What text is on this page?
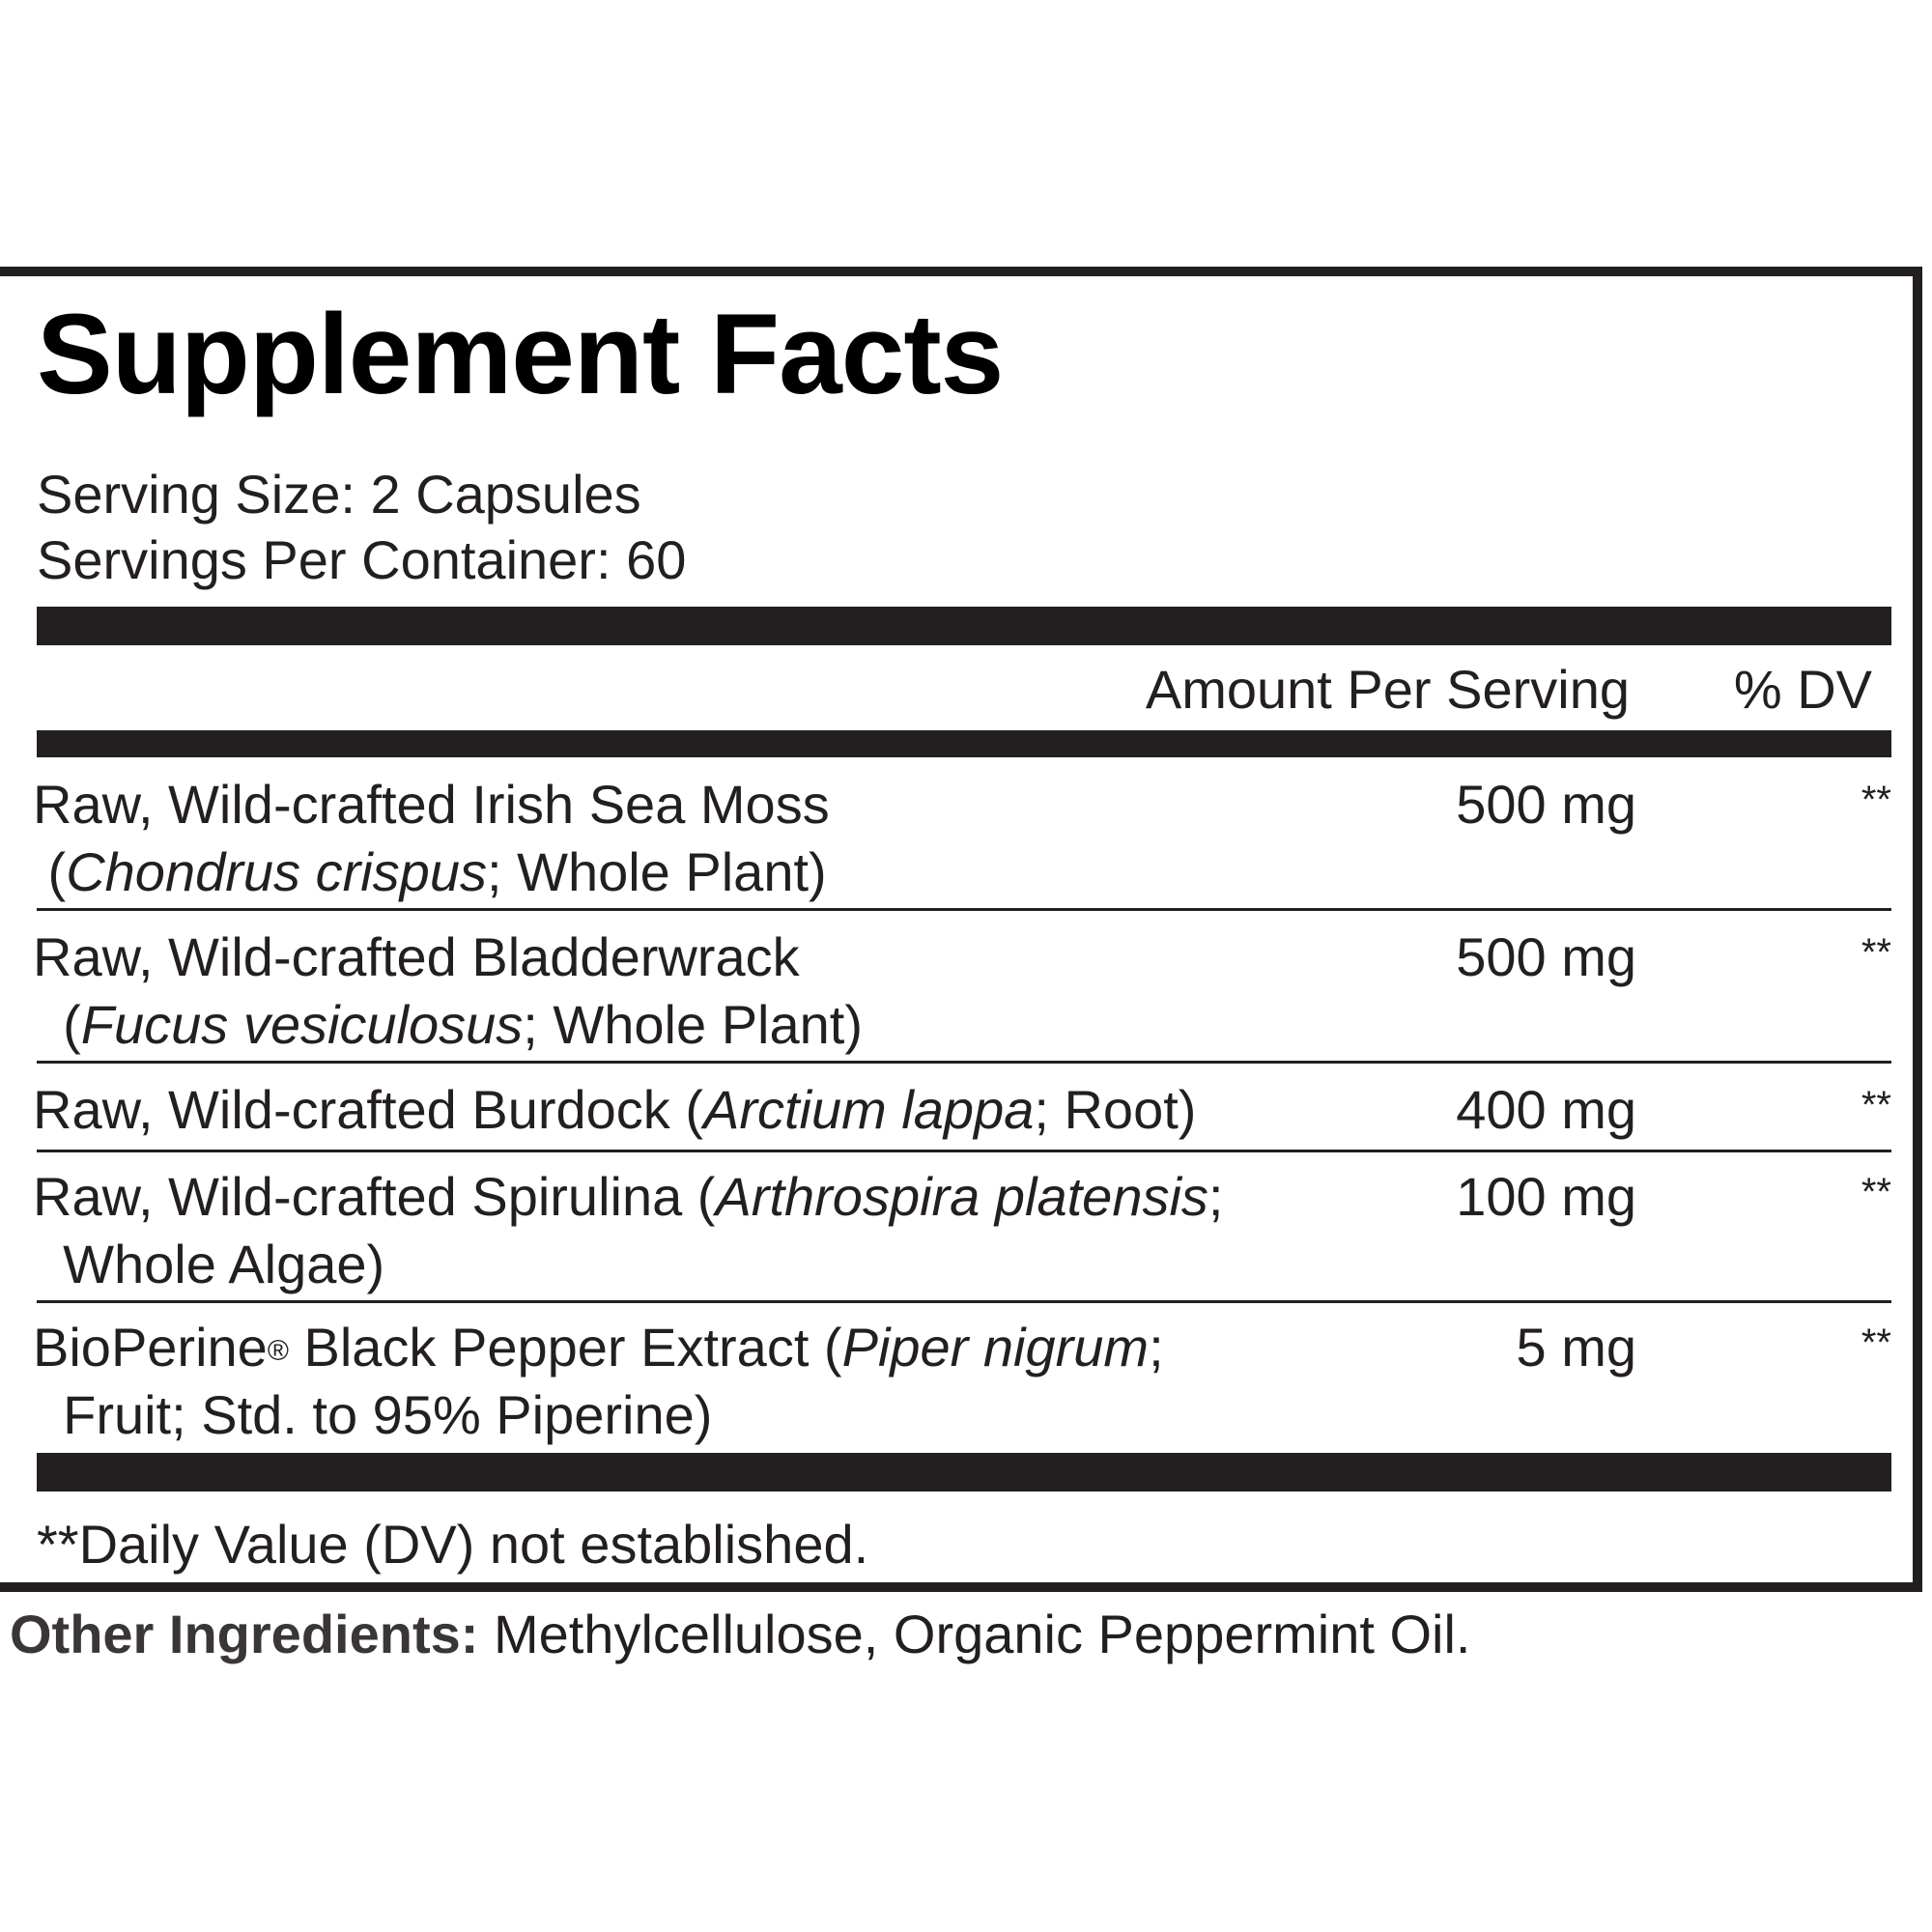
Supplement Facts
Serving Size: 2 Capsules
Servings Per Container: 60
Amount Per Serving % DV
Raw, Wild-crafted Irish Sea Moss
(Chondrus crispus; Whole Plant)
500 mg	**
Raw, Wild-crafted Bladderwrack
(Fucus vesiculosus; Whole Plant)
500 mg	**
Raw, Wild-crafted Burdock (Arctium lappa; Root)	400 mg	**
Raw, Wild-crafted Spirulina (Arthrospira platensis;
Whole Algae)
100 mg	**
BioPerine® Black Pepper Extract (Piper nigrum;
Fruit; Std. to 95% Piperine)
5 mg	**
**Daily Value (DV) not established.
Other Ingredients: Methylcellulose, Organic Peppermint Oil.
